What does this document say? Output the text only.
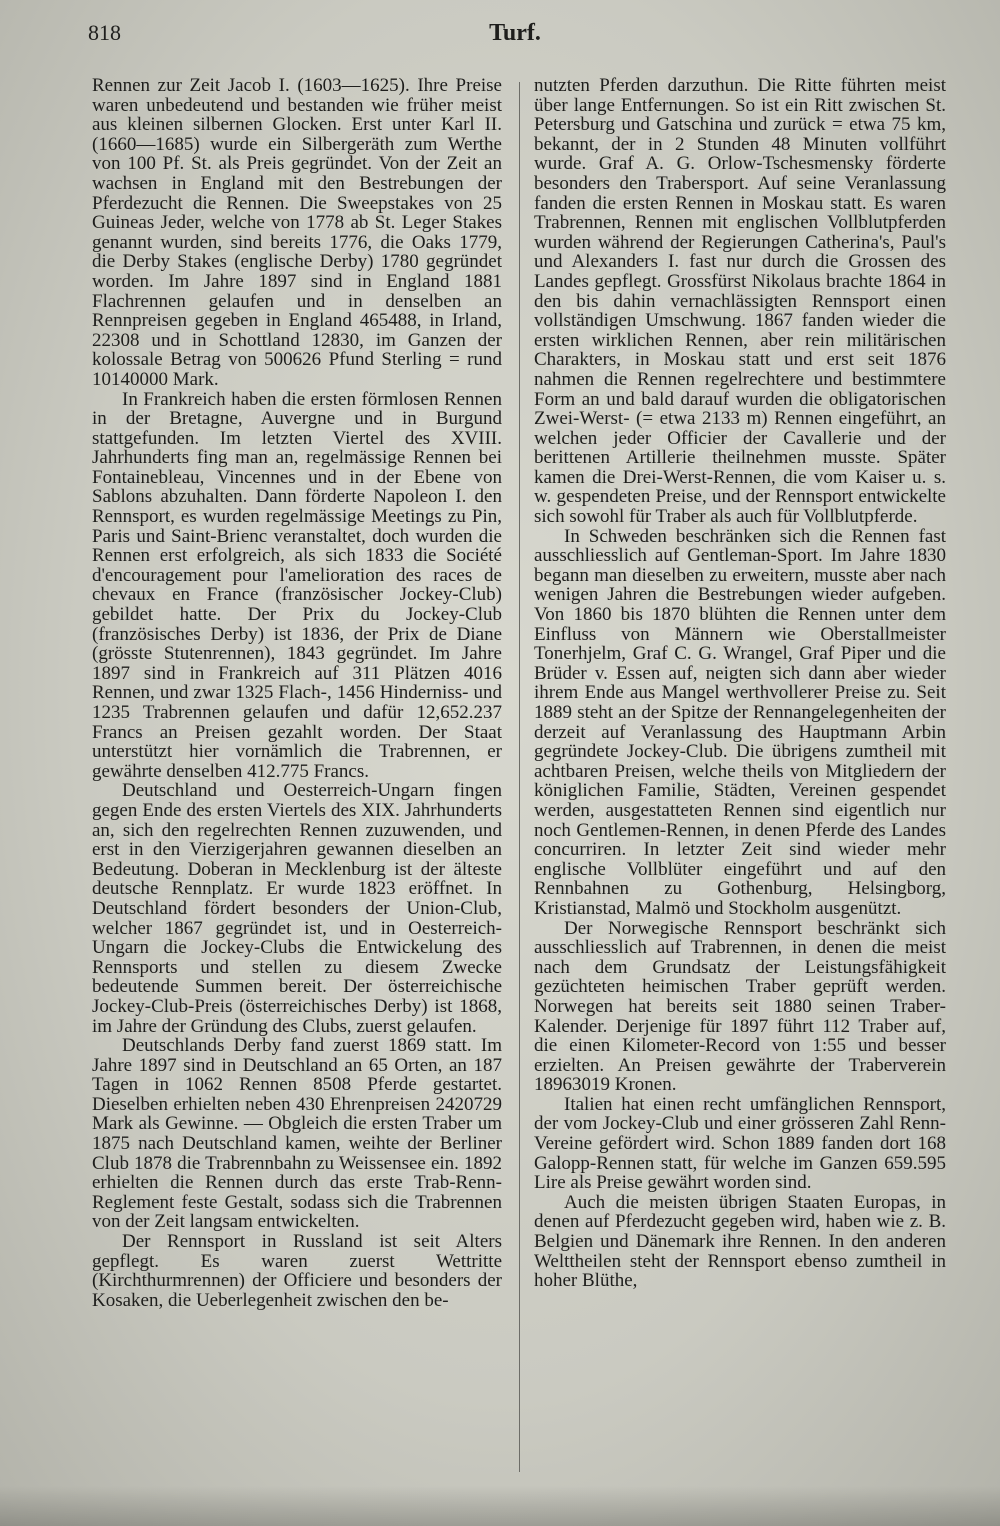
818	Turf.

Rennen zur Zeit Jacob I. (1603—1625). Ihre Preise waren unbedeutend und bestanden wie früher meist aus kleinen silbernen Glocken. Erst unter Karl II. (1660—1685) wurde ein Silbergeräth zum Werthe von 100 Pf. St. als Preis gegründet. Von der Zeit an wachsen in England mit den Bestrebungen der Pferdezucht die Rennen. Die Sweepstakes von 25 Guineas Jeder, welche von 1778 ab St. Leger Stakes genannt wurden, sind bereits 1776, die Oaks 1779, die Derby Stakes (englische Derby) 1780 gegründet worden. Im Jahre 1897 sind in England 1881 Flachrennen gelaufen und in denselben an Rennpreisen gegeben in England 465488, in Irland, 22308 und in Schottland 12830, im Ganzen der kolossale Betrag von 500626 Pfund Sterling = rund 10140000 Mark.

In Frankreich haben die ersten förmlosen Rennen in der Bretagne, Auvergne und in Burgund stattgefunden. Im letzten Viertel des XVIII. Jahrhunderts fing man an, regelmässige Rennen bei Fontainebleau, Vincennes und in der Ebene von Sablons abzuhalten. Dann förderte Napoleon I. den Rennsport, es wurden regelmässige Meetings zu Pin, Paris und Saint-Brienc veranstaltet, doch wurden die Rennen erst erfolgreich, als sich 1833 die Société d'encouragement pour l'amelioration des races de chevaux en France (französischer Jockey-Club) gebildet hatte. Der Prix du Jockey-Club (französisches Derby) ist 1836, der Prix de Diane (grösste Stutenrennen), 1843 gegründet. Im Jahre 1897 sind in Frankreich auf 311 Plätzen 4016 Rennen, und zwar 1325 Flach-, 1456 Hinderniss- und 1235 Trabrennen gelaufen und dafür 12,652.237 Francs an Preisen gezahlt worden. Der Staat unterstützt hier vornämlich die Trabrennen, er gewährte denselben 412.775 Francs.

Deutschland und Oesterreich-Ungarn fingen gegen Ende des ersten Viertels des XIX. Jahrhunderts an, sich den regelrechten Rennen zuzuwenden, und erst in den Vierzigerjahren gewannen dieselben an Bedeutung. Doberan in Mecklenburg ist der älteste deutsche Rennplatz. Er wurde 1823 eröffnet. In Deutschland fördert besonders der Union-Club, welcher 1867 gegründet ist, und in Oesterreich-Ungarn die Jockey-Clubs die Entwickelung des Rennsports und stellen zu diesem Zwecke bedeutende Summen bereit. Der österreichische Jockey-Club-Preis (österreichisches Derby) ist 1868, im Jahre der Gründung des Clubs, zuerst gelaufen.

Deutschlands Derby fand zuerst 1869 statt. Im Jahre 1897 sind in Deutschland an 65 Orten, an 187 Tagen in 1062 Rennen 8508 Pferde gestartet. Dieselben erhielten neben 430 Ehrenpreisen 2420729 Mark als Gewinne. — Obgleich die ersten Traber um 1875 nach Deutschland kamen, weihte der Berliner Club 1878 die Trabrennbahn zu Weissensee ein. 1892 erhielten die Rennen durch das erste Trab-Renn-Reglement feste Gestalt, sodass sich die Trabrennen von der Zeit langsam entwickelten.

Der Rennsport in Russland ist seit Alters gepflegt. Es waren zuerst Wettritte (Kirchthurmrennen) der Officiere und besonders der Kosaken, die Ueberlegenheit zwischen den be-

nutzten Pferden darzuthun. Die Ritte führten meist über lange Entfernungen. So ist ein Ritt zwischen St. Petersburg und Gatschina und zurück = etwa 75 km, bekannt, der in 2 Stunden 48 Minuten vollführt wurde. Graf A. G. Orlow-Tschesmensky förderte besonders den Trabersport. Auf seine Veranlassung fanden die ersten Rennen in Moskau statt. Es waren Trabrennen, Rennen mit englischen Vollblutpferden wurden während der Regierungen Catherina's, Paul's und Alexanders I. fast nur durch die Grossen des Landes gepflegt. Grossfürst Nikolaus brachte 1864 in den bis dahin vernachlässigten Rennsport einen vollständigen Umschwung. 1867 fanden wieder die ersten wirklichen Rennen, aber rein militärischen Charakters, in Moskau statt und erst seit 1876 nahmen die Rennen regelrechtere und bestimmtere Form an und bald darauf wurden die obligatorischen Zwei-Werst- (= etwa 2133 m) Rennen eingeführt, an welchen jeder Officier der Cavallerie und der berittenen Artillerie theilnehmen musste. Später kamen die Drei-Werst-Rennen, die vom Kaiser u. s. w. gespendeten Preise, und der Rennsport entwickelte sich sowohl für Traber als auch für Vollblutpferde.

In Schweden beschränken sich die Rennen fast ausschliesslich auf Gentleman-Sport. Im Jahre 1830 begann man dieselben zu erweitern, musste aber nach wenigen Jahren die Bestrebungen wieder aufgeben. Von 1860 bis 1870 blühten die Rennen unter dem Einfluss von Männern wie Oberstallmeister Tonerhjelm, Graf C. G. Wrangel, Graf Piper und die Brüder v. Essen auf, neigten sich dann aber wieder ihrem Ende aus Mangel werthvollerer Preise zu. Seit 1889 steht an der Spitze der Rennangelegenheiten der derzeit auf Veranlassung des Hauptmann Arbin gegründete Jockey-Club. Die übrigens zumtheil mit achtbaren Preisen, welche theils von Mitgliedern der königlichen Familie, Städten, Vereinen gespendet werden, ausgestatteten Rennen sind eigentlich nur noch Gentlemen-Rennen, in denen Pferde des Landes concurriren. In letzter Zeit sind wieder mehr englische Vollblüter eingeführt und auf den Rennbahnen zu Gothenburg, Helsingborg, Kristianstad, Malmö und Stockholm ausgenützt.

Der Norwegische Rennsport beschränkt sich ausschliesslich auf Trabrennen, in denen die meist nach dem Grundsatz der Leistungsfähigkeit gezüchteten heimischen Traber geprüft werden. Norwegen hat bereits seit 1880 seinen Traber-Kalender. Derjenige für 1897 führt 112 Traber auf, die einen Kilometer-Record von 1:55 und besser erzielten. An Preisen gewährte der Traberverein 18963019 Kronen.

Italien hat einen recht umfänglichen Rennsport, der vom Jockey-Club und einer grösseren Zahl Renn-Vereine gefördert wird. Schon 1889 fanden dort 168 Galopp-Rennen statt, für welche im Ganzen 659.595 Lire als Preise gewährt worden sind.

Auch die meisten übrigen Staaten Europas, in denen auf Pferdezucht gegeben wird, haben wie z. B. Belgien und Dänemark ihre Rennen. In den anderen Welttheilen steht der Rennsport ebenso zumtheil in hoher Blüthe,
